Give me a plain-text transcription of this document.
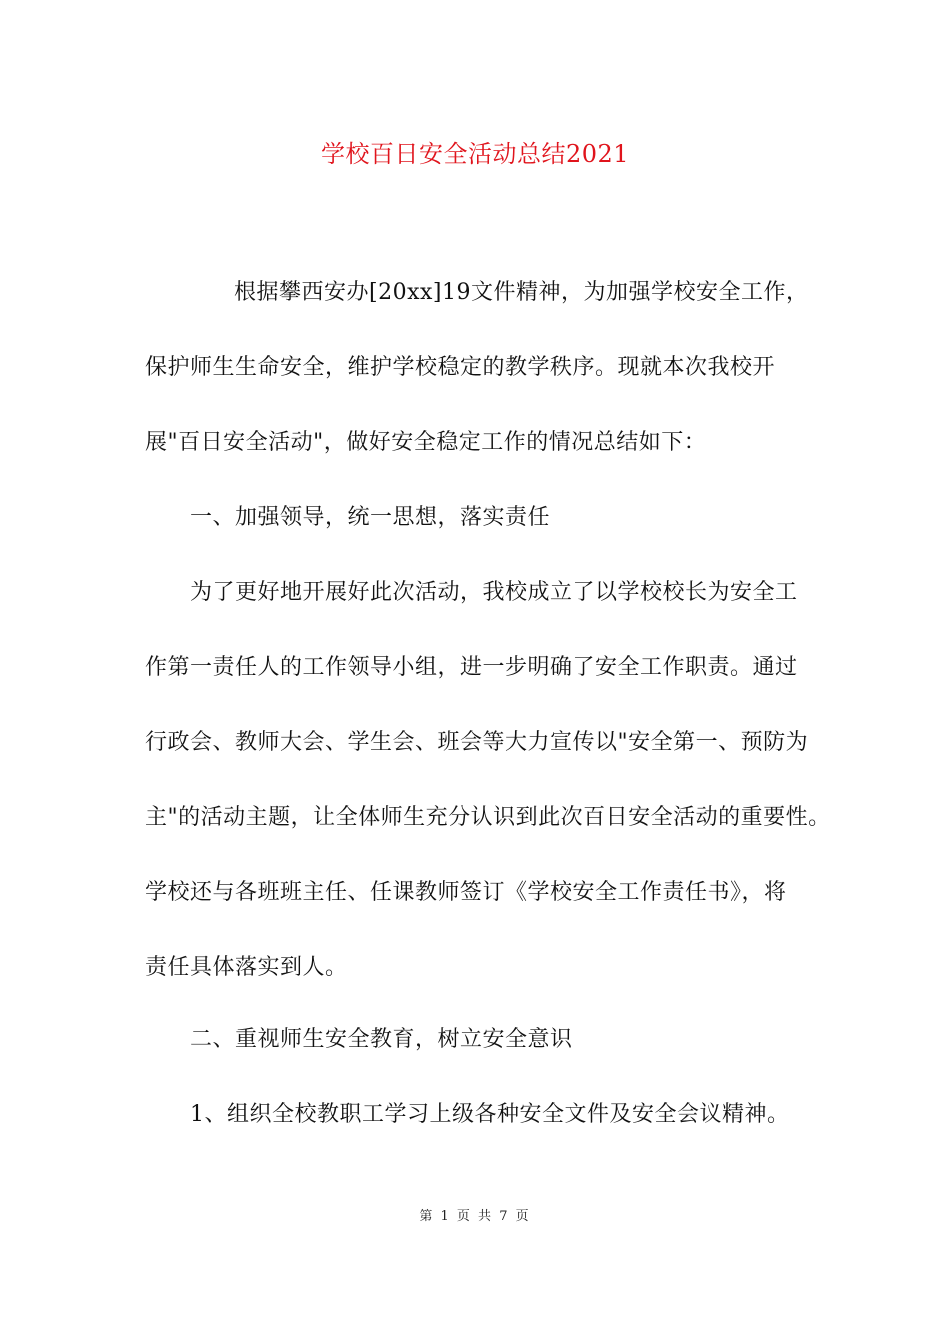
学校百日安全活动总结2021
根据攀西安办[20xx]19文件精神，为加强学校安全工作，
保护师生生命安全，维护学校稳定的教学秩序。现就本次我校开
展"百日安全活动"，做好安全稳定工作的情况总结如下：
一、加强领导，统一思想，落实责任
为了更好地开展好此次活动，我校成立了以学校校长为安全工
作第一责任人的工作领导小组，进一步明确了安全工作职责。通过
行政会、教师大会、学生会、班会等大力宣传以"安全第一、预防为
主"的活动主题，让全体师生充分认识到此次百日安全活动的重要性。
学校还与各班班主任、任课教师签订《学校安全工作责任书》，将
责任具体落实到人。
二、重视师生安全教育，树立安全意识
1、组织全校教职工学习上级各种安全文件及安全会议精神。
第 1 页 共 7 页
